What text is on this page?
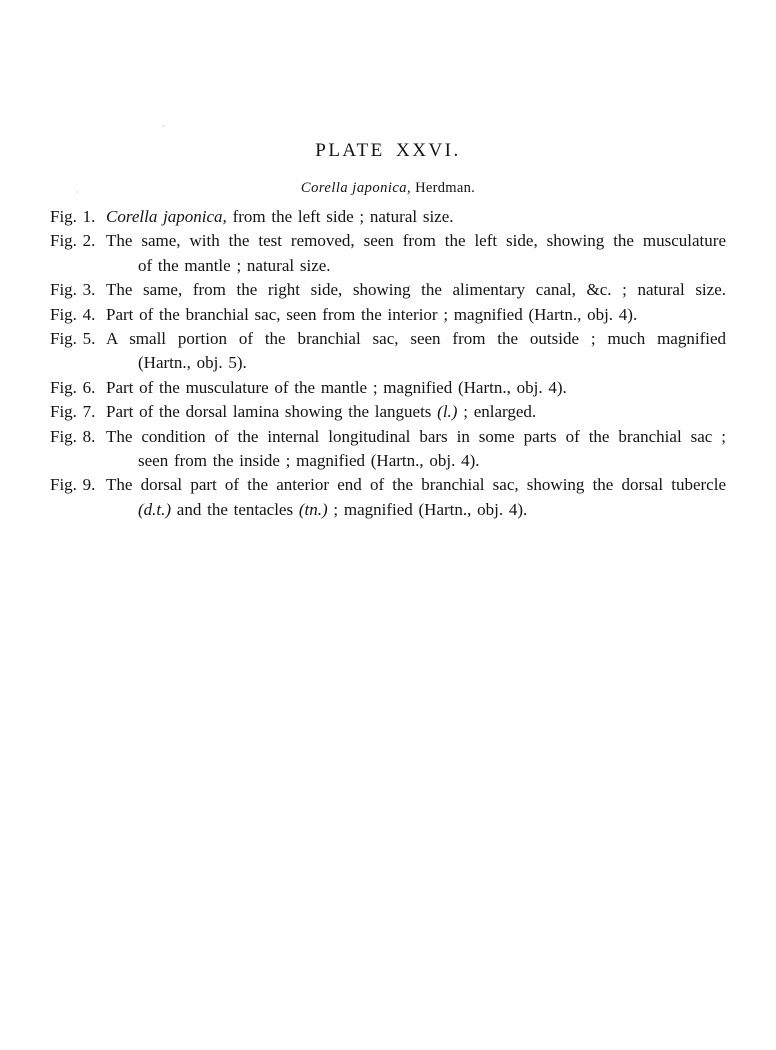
PLATE XXVI.
Corella japonica, Herdman.
Fig. 1. Corella japonica, from the left side ; natural size.
Fig. 2. The same, with the test removed, seen from the left side, showing the musculature
of the mantle ; natural size.
Fig. 3. The same, from the right side, showing the alimentary canal, &c. ; natural size.
Fig. 4. Part of the branchial sac, seen from the interior ; magnified (Hartn., obj. 4).
Fig. 5. A small portion of the branchial sac, seen from the outside ; much magnified
(Hartn., obj. 5).
Fig. 6. Part of the musculature of the mantle ; magnified (Hartn., obj. 4).
Fig. 7. Part of the dorsal lamina showing the languets (l.) ; enlarged.
Fig. 8. The condition of the internal longitudinal bars in some parts of the branchial sac ;
seen from the inside ; magnified (Hartn., obj. 4).
Fig. 9. The dorsal part of the anterior end of the branchial sac, showing the dorsal tubercle
(d.t.) and the tentacles (tn.) ; magnified (Hartn., obj. 4).
